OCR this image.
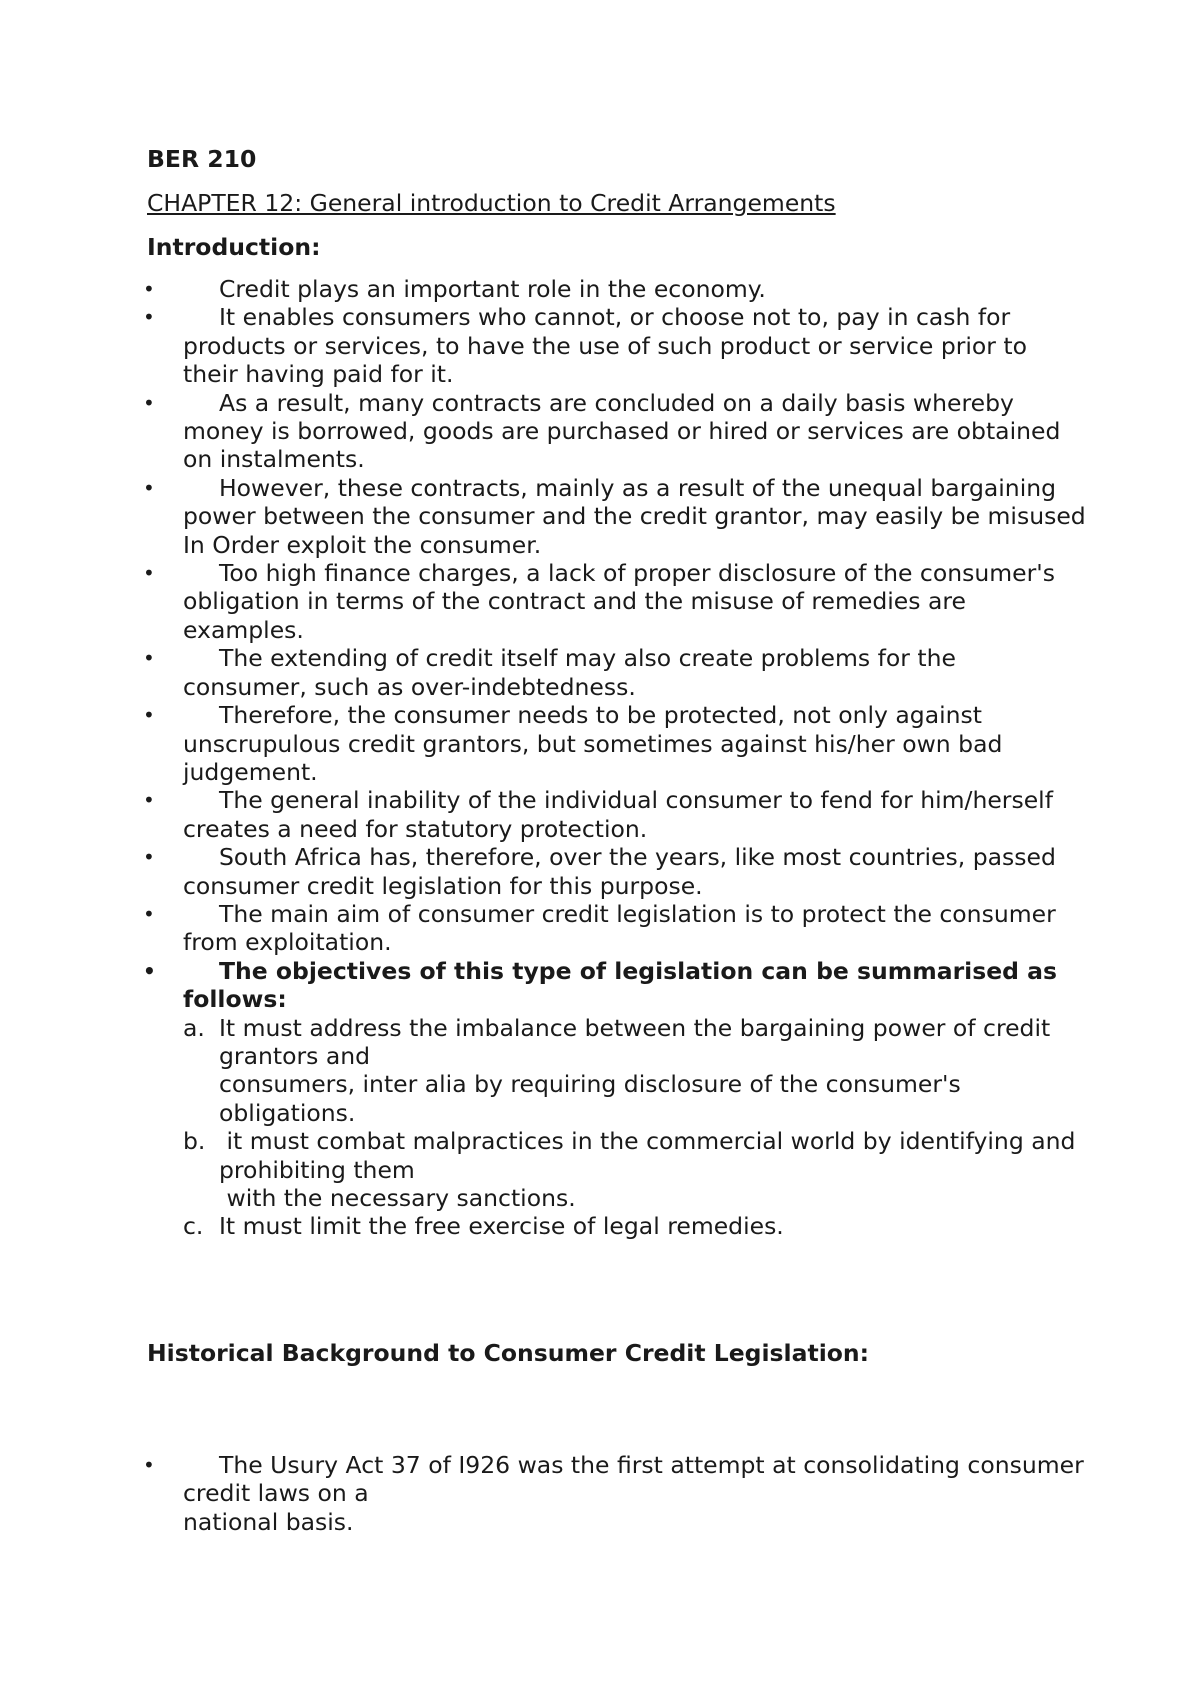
BER 210

CHAPTER 12: General introduction to Credit Arrangements
Introduction:
• Credit plays an important role in the economy.
• It enables consumers who cannot, or choose not to, pay in cash for products or services, to have the use of such product or service prior to their having paid for it.
• As a result, many contracts are concluded on a daily basis whereby money is borrowed, goods are purchased or hired or services are obtained on instalments.
• However, these contracts, mainly as a result of the unequal bargaining power between the consumer and the credit grantor, may easily be misused In Order exploit the consumer.
• Too high finance charges, a lack of proper disclosure of the consumer's obligation in terms of the contract and the misuse of remedies are examples.
• The extending of credit itself may also create problems for the consumer, such as over-indebtedness.
• Therefore, the consumer needs to be protected, not only against unscrupulous credit grantors, but sometimes against his/her own bad judgement.
• The general inability of the individual consumer to fend for him/herself creates a need for statutory protection.
• South Africa has, therefore, over the years, like most countries, passed consumer credit legislation for this purpose.
• The main aim of consumer credit legislation is to protect the consumer from exploitation.
• The objectives of this type of legislation can be summarised as follows:
a. It must address the imbalance between the bargaining power of credit grantors and
consumers, inter alia by requiring disclosure of the consumer's obligations.
b. it must combat malpractices in the commercial world by identifying and prohibiting them
with the necessary sanctions.
c. It must limit the free exercise of legal remedies.
Historical Background to Consumer Credit Legislation:
• The Usury Act 37 of I926 was the first attempt at consolidating consumer credit laws on a
national basis.
